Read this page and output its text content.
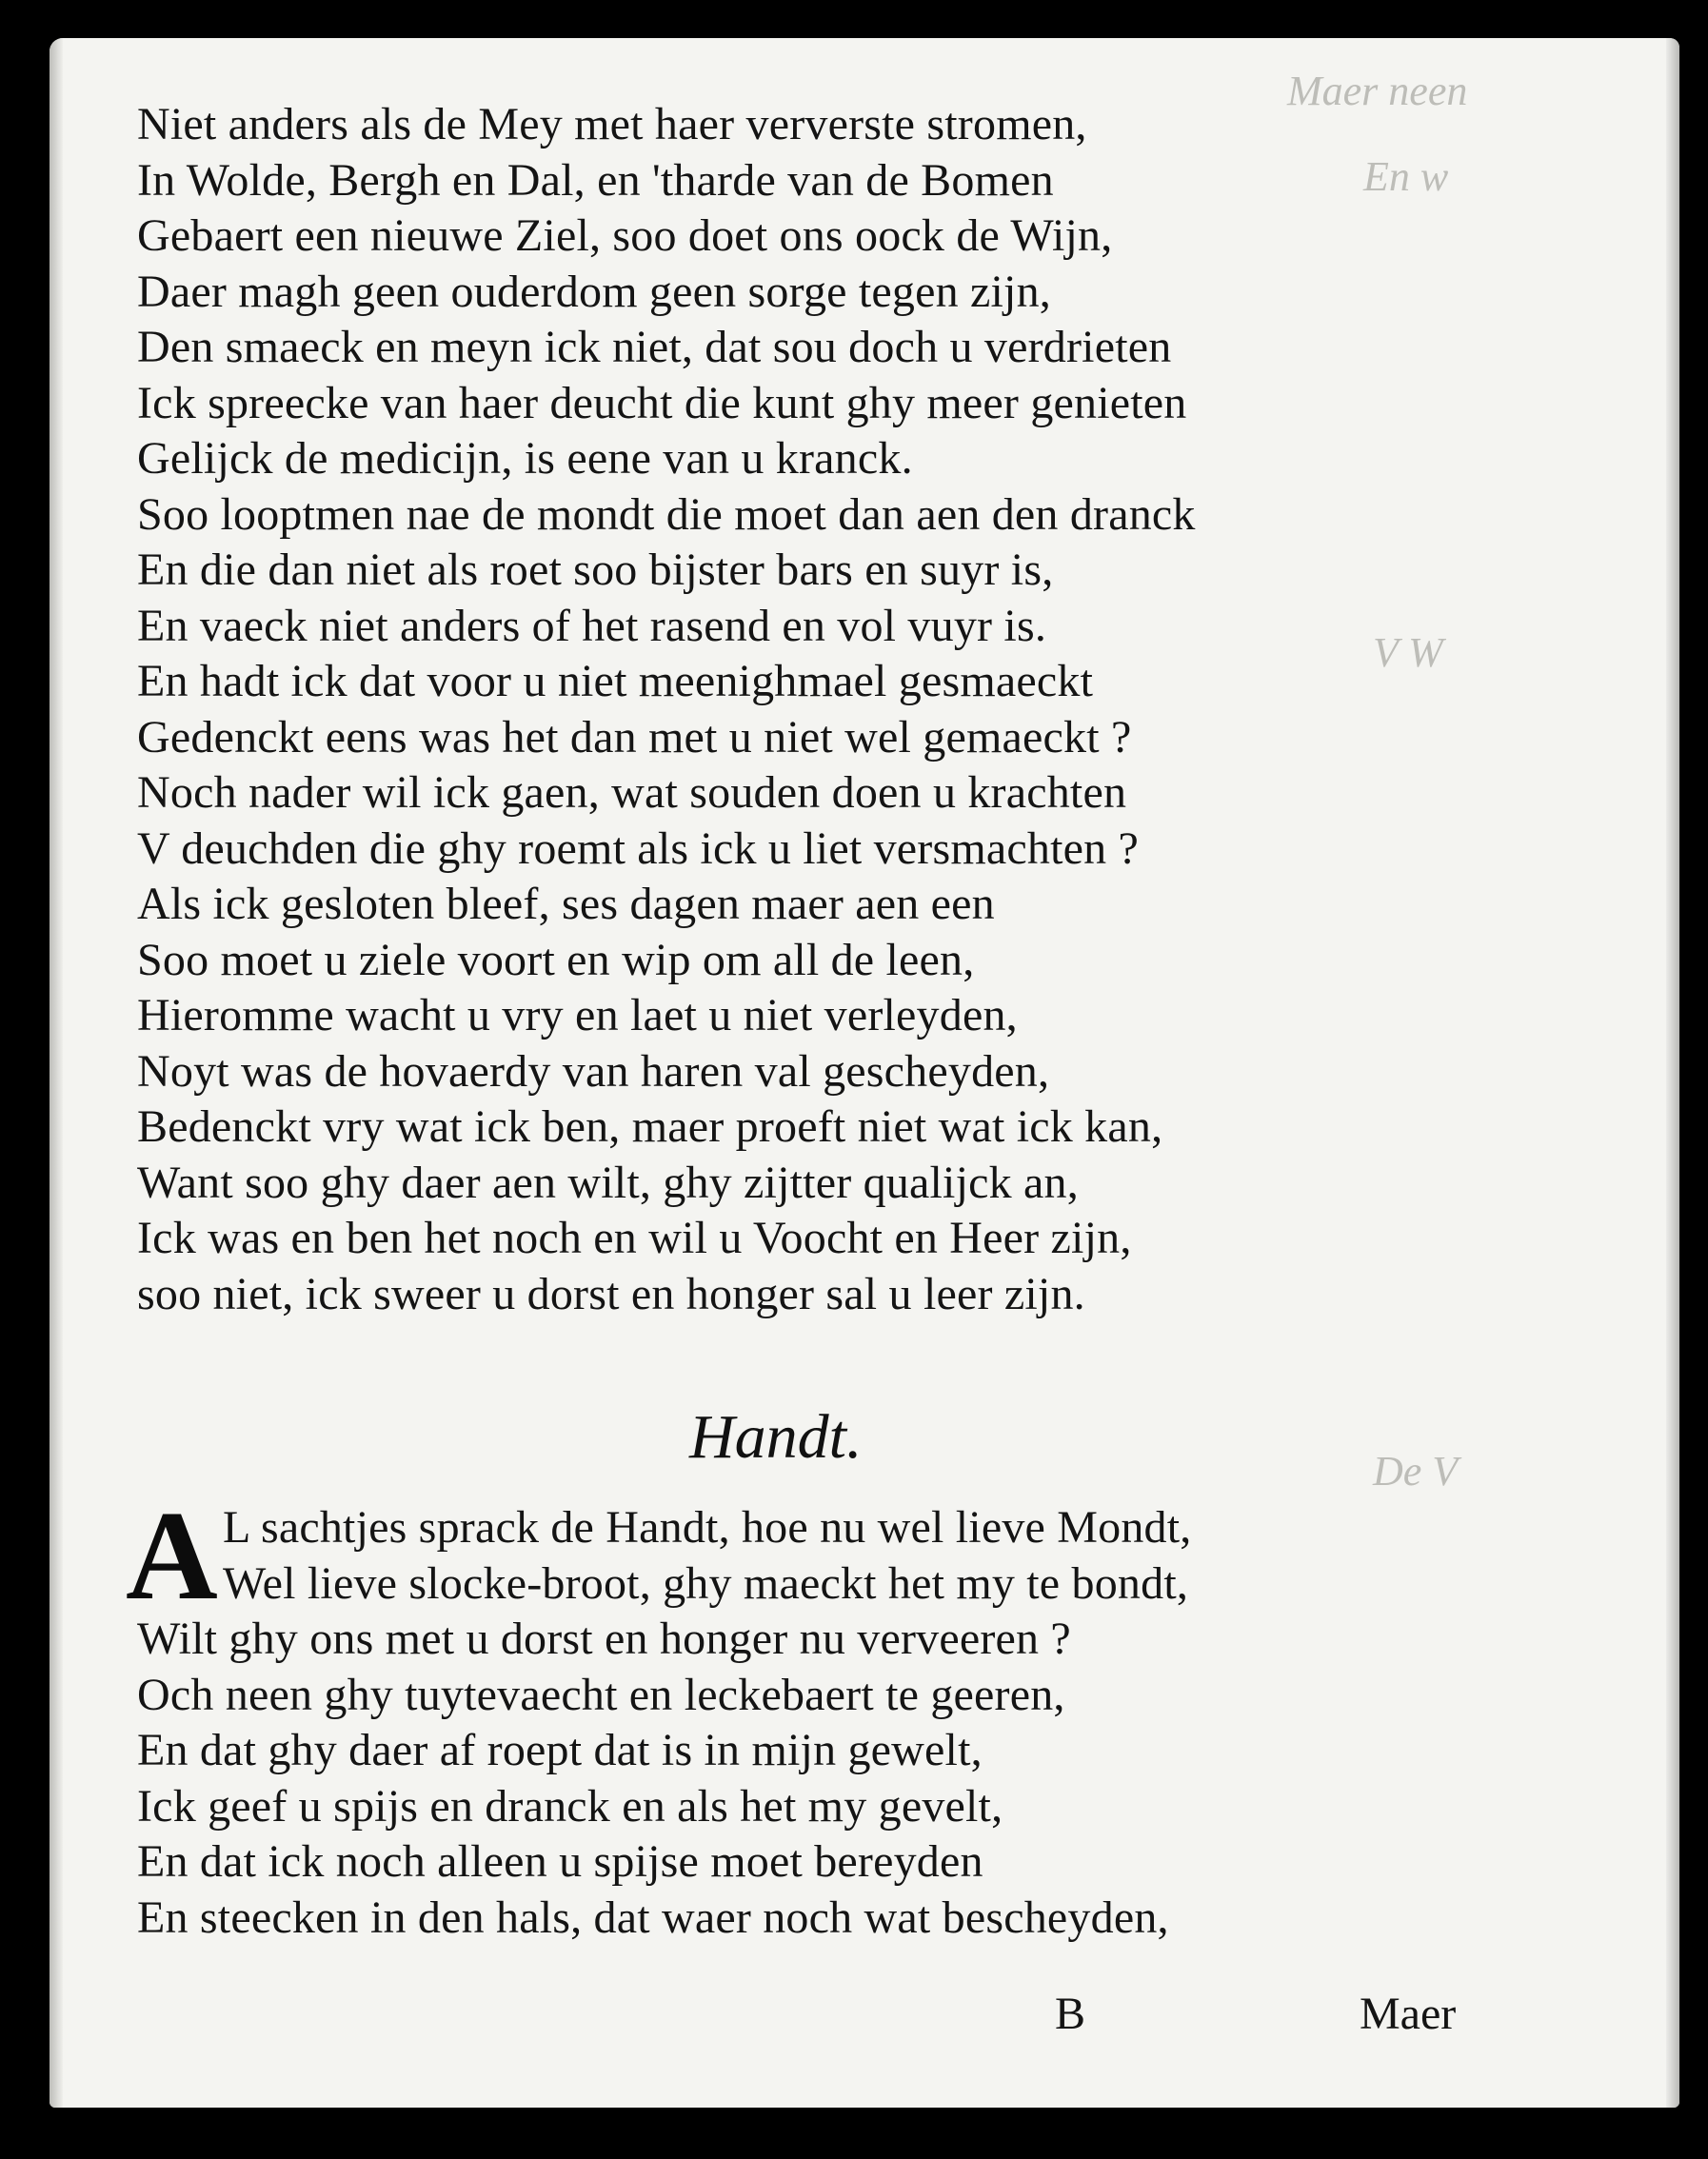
Maer neen
En w
V W
De V
Niet anders als de Mey met haer ververste stromen,
In Wolde, Bergh en Dal, en 'tharde van de Bomen
Gebaert een nieuwe Ziel, soo doet ons oock de Wijn,
Daer magh geen ouderdom geen sorge tegen zijn,
Den smaeck en meyn ick niet, dat sou doch u verdrieten
Ick spreecke van haer deucht die kunt ghy meer genieten
Gelijck de medicijn, is eene van u kranck.
Soo looptmen nae de mondt die moet dan aen den dranck
En die dan niet als roet soo bijster bars en suyr is,
En vaeck niet anders of het rasend en vol vuyr is.
En hadt ick dat voor u niet meenighmael gesmaeckt
Gedenckt eens was het dan met u niet wel gemaeckt ?
Noch nader wil ick gaen, wat souden doen u krachten
V deuchden die ghy roemt als ick u liet versmachten ?
Als ick gesloten bleef, ses dagen maer aen een
Soo moet u ziele voort en wip om all de leen,
Hieromme wacht u vry en laet u niet verleyden,
Noyt was de hovaerdy van haren val gescheyden,
Bedenckt vry wat ick ben, maer proeft niet wat ick kan,
Want soo ghy daer aen wilt, ghy zijtter qualijck an,
Ick was en ben het noch en wil u Voocht en Heer zijn,
soo niet, ick sweer u dorst en honger sal u leer zijn.
Handt.
A L sachtjes sprack de Handt, hoe nu wel lieve Mondt,
Wel lieve slocke-broot, ghy maeckt het my te bondt,
Wilt ghy ons met u dorst en honger nu verveeren ?
Och neen ghy tuytevaecht en leckebaert te geeren,
En dat ghy daer af roept dat is in mijn gewelt,
Ick geef u spijs en dranck en als het my gevelt,
En dat ick noch alleen u spijse moet bereyden
En steecken in den hals, dat waer noch wat bescheyden,
B	Maer
